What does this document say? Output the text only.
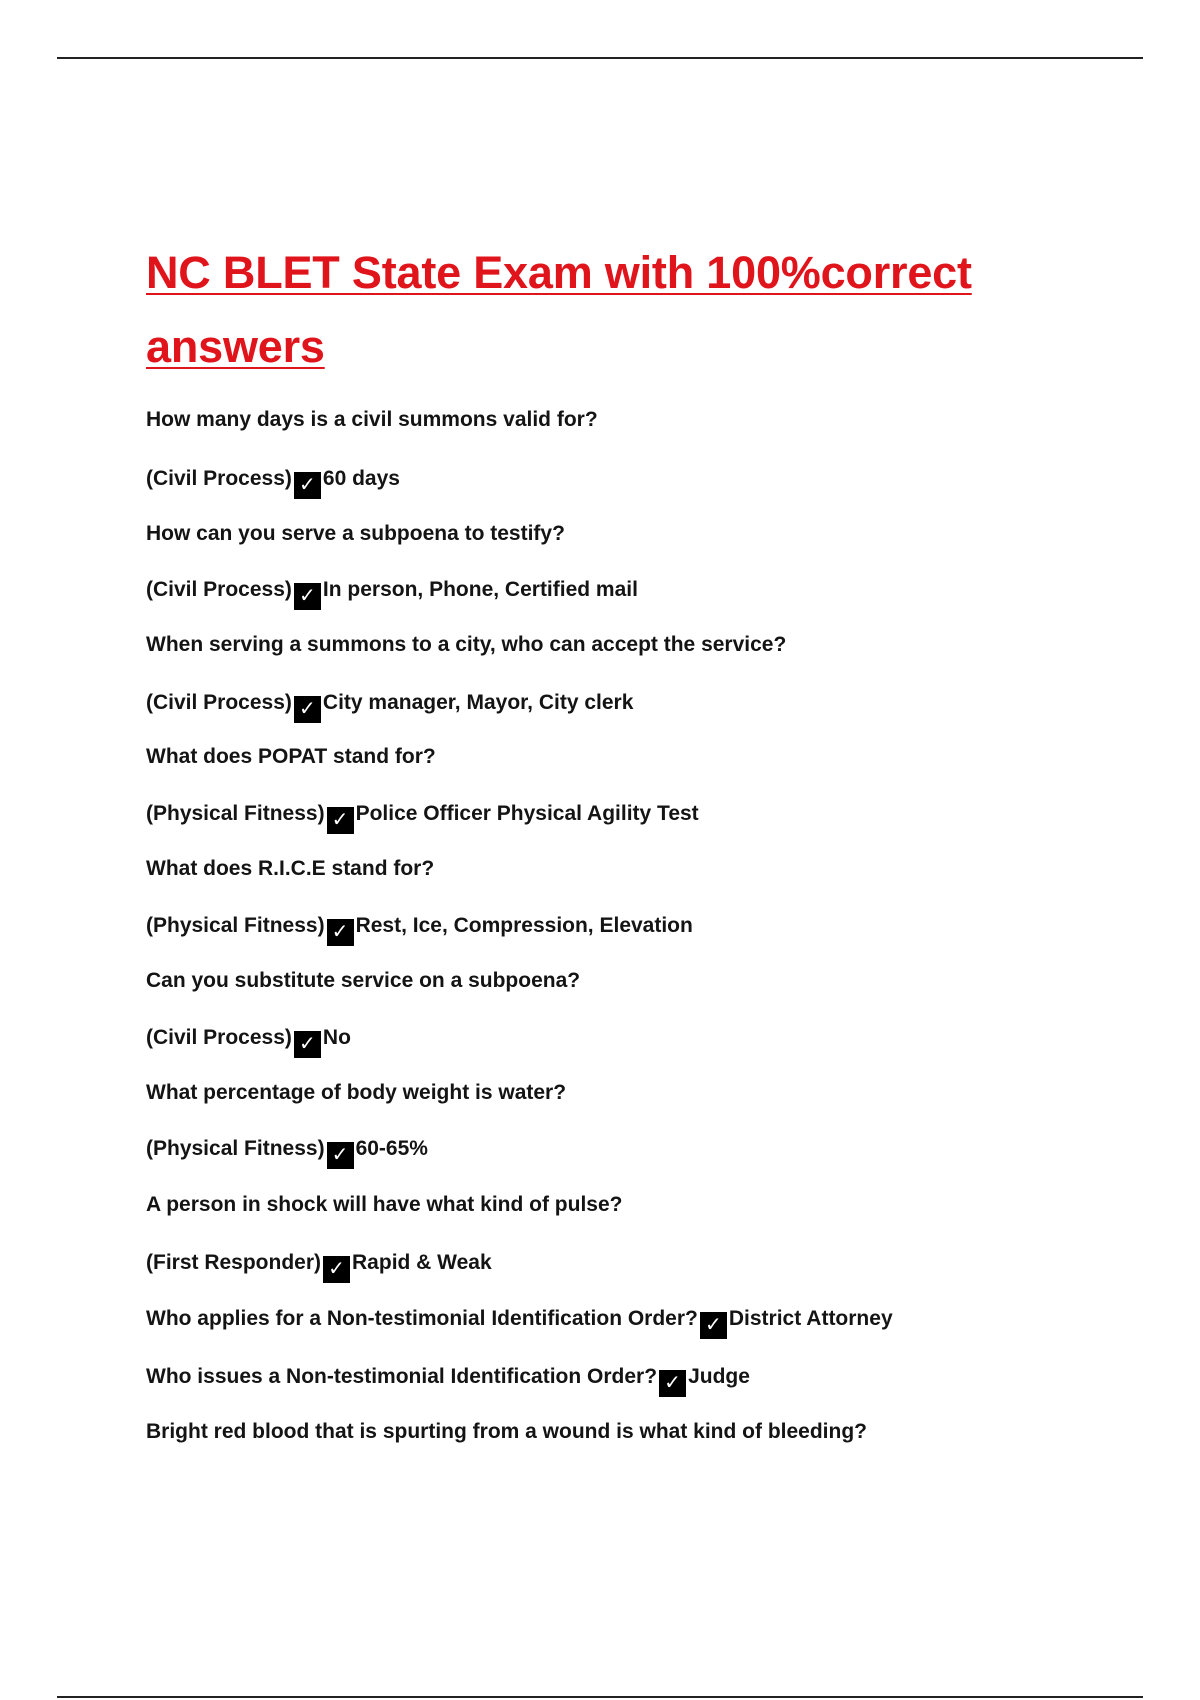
NC BLET State Exam with 100%correct answers
How many days is a civil summons valid for?
(Civil Process) ✓ 60 days
How can you serve a subpoena to testify?
(Civil Process) ✓ In person, Phone, Certified mail
When serving a summons to a city, who can accept the service?
(Civil Process) ✓ City manager, Mayor, City clerk
What does POPAT stand for?
(Physical Fitness) ✓ Police Officer Physical Agility Test
What does R.I.C.E stand for?
(Physical Fitness) ✓ Rest, Ice, Compression, Elevation
Can you substitute service on a subpoena?
(Civil Process) ✓ No
What percentage of body weight is water?
(Physical Fitness) ✓ 60-65%
A person in shock will have what kind of pulse?
(First Responder) ✓ Rapid & Weak
Who applies for a Non-testimonial Identification Order? ✓ District Attorney
Who issues a Non-testimonial Identification Order? ✓ Judge
Bright red blood that is spurting from a wound is what kind of bleeding?
